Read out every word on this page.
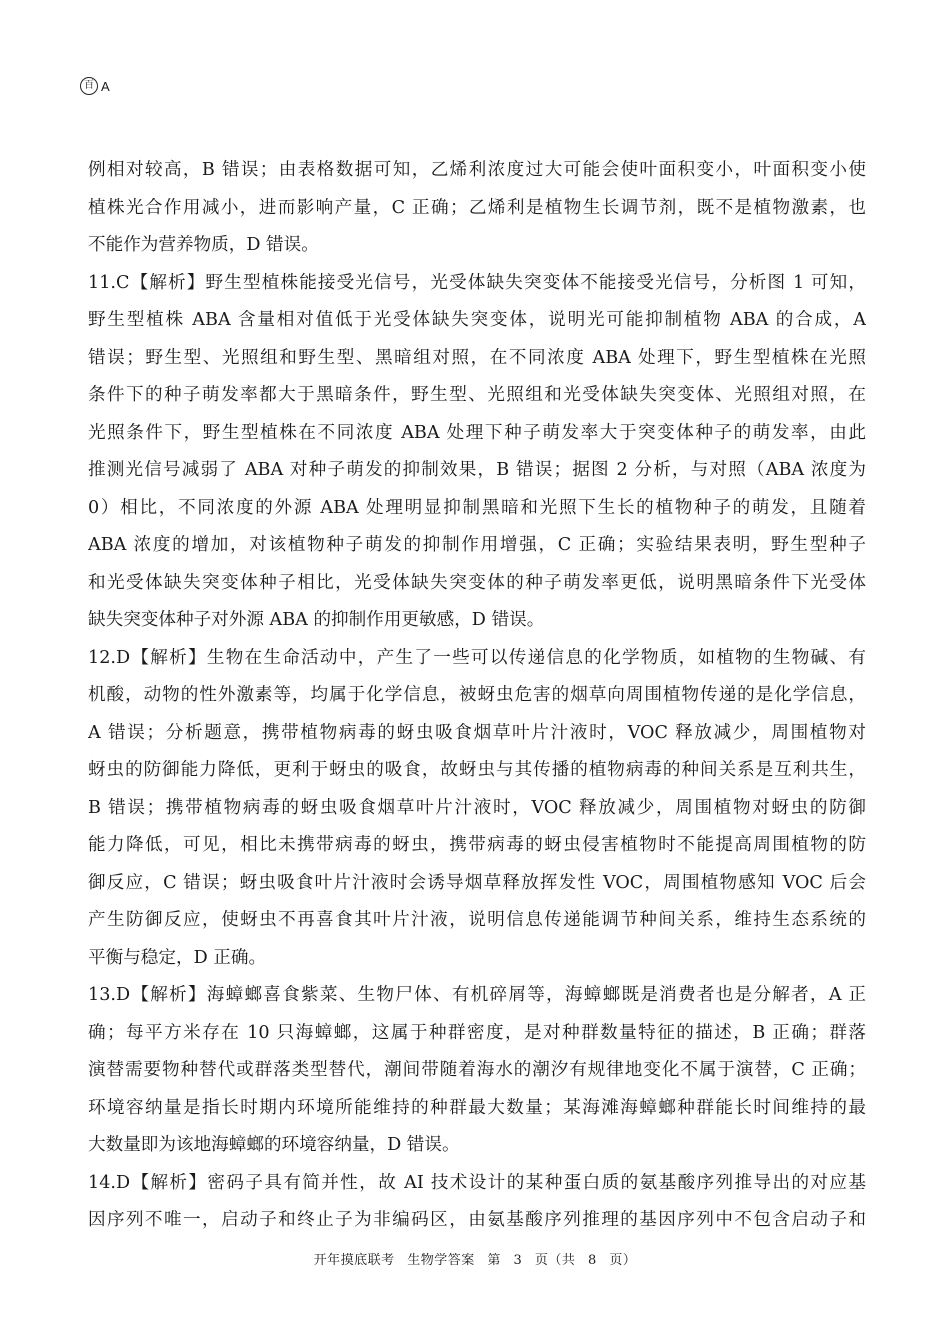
百 A
例相对较高，B 错误；由表格数据可知，乙烯利浓度过大可能会使叶面积变小，叶面积变小使
植株光合作用减小，进而影响产量，C 正确；乙烯利是植物生长调节剂，既不是植物激素，也
不能作为营养物质，D 错误。
11.C【解析】野生型植株能接受光信号，光受体缺失突变体不能接受光信号，分析图 1 可知，
野生型植株 ABA 含量相对值低于光受体缺失突变体，说明光可能抑制植物 ABA 的合成，A
错误；野生型、光照组和野生型、黑暗组对照，在不同浓度 ABA 处理下，野生型植株在光照
条件下的种子萌发率都大于黑暗条件，野生型、光照组和光受体缺失突变体、光照组对照，在
光照条件下，野生型植株在不同浓度 ABA 处理下种子萌发率大于突变体种子的萌发率，由此
推测光信号减弱了 ABA 对种子萌发的抑制效果，B 错误；据图 2 分析，与对照（ABA 浓度为
0）相比，不同浓度的外源 ABA 处理明显抑制黑暗和光照下生长的植物种子的萌发，且随着
ABA 浓度的增加，对该植物种子萌发的抑制作用增强，C 正确；实验结果表明，野生型种子
和光受体缺失突变体种子相比，光受体缺失突变体的种子萌发率更低，说明黑暗条件下光受体
缺失突变体种子对外源 ABA 的抑制作用更敏感，D 错误。
12.D【解析】生物在生命活动中，产生了一些可以传递信息的化学物质，如植物的生物碱、有
机酸，动物的性外激素等，均属于化学信息，被蚜虫危害的烟草向周围植物传递的是化学信息，
A 错误；分析题意，携带植物病毒的蚜虫吸食烟草叶片汁液时，VOC 释放减少，周围植物对
蚜虫的防御能力降低，更利于蚜虫的吸食，故蚜虫与其传播的植物病毒的种间关系是互利共生，
B 错误；携带植物病毒的蚜虫吸食烟草叶片汁液时，VOC 释放减少，周围植物对蚜虫的防御
能力降低，可见，相比未携带病毒的蚜虫，携带病毒的蚜虫侵害植物时不能提高周围植物的防
御反应，C 错误；蚜虫吸食叶片汁液时会诱导烟草释放挥发性 VOC，周围植物感知 VOC 后会
产生防御反应，使蚜虫不再喜食其叶片汁液，说明信息传递能调节种间关系，维持生态系统的
平衡与稳定，D 正确。
13.D【解析】海蟑螂喜食紫菜、生物尸体、有机碎屑等，海蟑螂既是消费者也是分解者，A 正
确；每平方米存在 10 只海蟑螂，这属于种群密度，是对种群数量特征的描述，B 正确；群落
演替需要物种替代或群落类型替代，潮间带随着海水的潮汐有规律地变化不属于演替，C 正确；
环境容纳量是指长时期内环境所能维持的种群最大数量；某海滩海蟑螂种群能长时间维持的最
大数量即为该地海蟑螂的环境容纳量，D 错误。
14.D【解析】密码子具有简并性，故 AI 技术设计的某种蛋白质的氨基酸序列推导出的对应基
因序列不唯一，启动子和终止子为非编码区，由氨基酸序列推理的基因序列中不包含启动子和
开年摸底联考 生物学答案 第 3 页（共 8 页）
